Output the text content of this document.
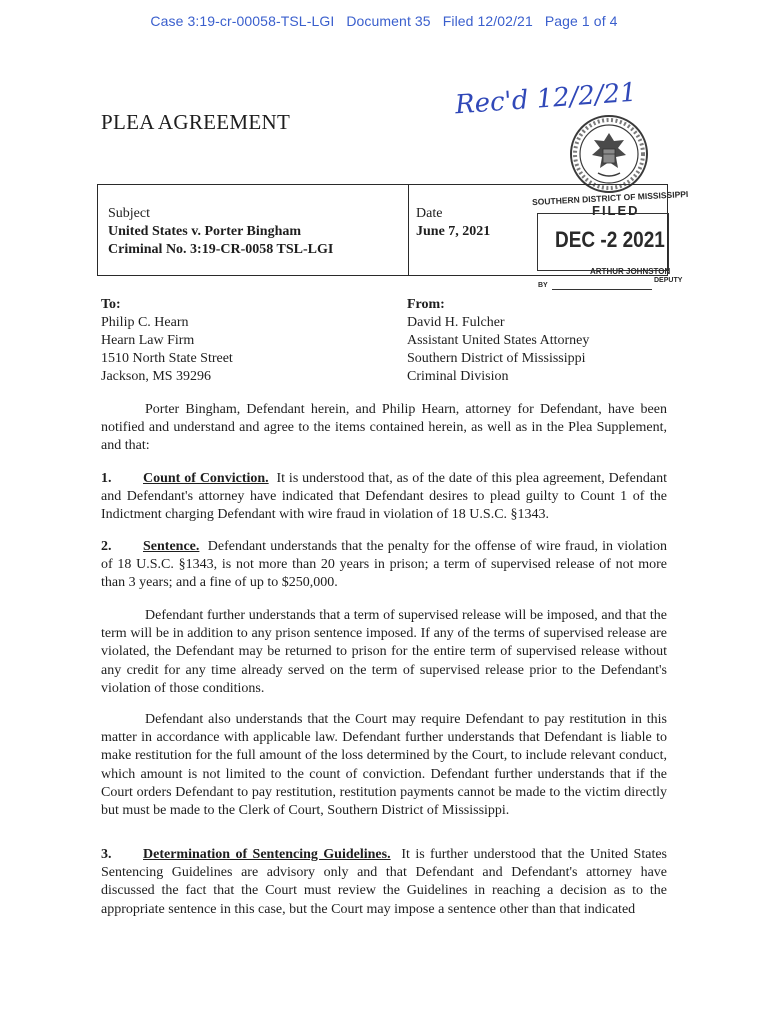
Case 3:19-cr-00058-TSL-LGI Document 35 Filed 12/02/21 Page 1 of 4
PLEA AGREEMENT
Rec'd 12/2/21
Subject
United States v. Porter Bingham
Criminal No. 3:19-CR-0058 TSL-LGI
Date
June 7, 2021
SOUTHERN DISTRICT OF MISSISSIPPI
FILED
DEC -2 2021
ARTHUR JOHNSTON
BY
DEPUTY
To:
Philip C. Hearn
Hearn Law Firm
1510 North State Street
Jackson, MS 39296
From:
David H. Fulcher
Assistant United States Attorney
Southern District of Mississippi
Criminal Division
Porter Bingham, Defendant herein, and Philip Hearn, attorney for Defendant, have been notified and understand and agree to the items contained herein, as well as in the Plea Supplement, and that:
1. Count of Conviction. It is understood that, as of the date of this plea agreement, Defendant and Defendant's attorney have indicated that Defendant desires to plead guilty to Count 1 of the Indictment charging Defendant with wire fraud in violation of 18 U.S.C. §1343.
2. Sentence. Defendant understands that the penalty for the offense of wire fraud, in violation of 18 U.S.C. §1343, is not more than 20 years in prison; a term of supervised release of not more than 3 years; and a fine of up to $250,000.
Defendant further understands that a term of supervised release will be imposed, and that the term will be in addition to any prison sentence imposed. If any of the terms of supervised release are violated, the Defendant may be returned to prison for the entire term of supervised release without any credit for any time already served on the term of supervised release prior to the Defendant's violation of those conditions.
Defendant also understands that the Court may require Defendant to pay restitution in this matter in accordance with applicable law. Defendant further understands that Defendant is liable to make restitution for the full amount of the loss determined by the Court, to include relevant conduct, which amount is not limited to the count of conviction. Defendant further understands that if the Court orders Defendant to pay restitution, restitution payments cannot be made to the victim directly but must be made to the Clerk of Court, Southern District of Mississippi.
3. Determination of Sentencing Guidelines. It is further understood that the United States Sentencing Guidelines are advisory only and that Defendant and Defendant's attorney have discussed the fact that the Court must review the Guidelines in reaching a decision as to the appropriate sentence in this case, but the Court may impose a sentence other than that indicated
